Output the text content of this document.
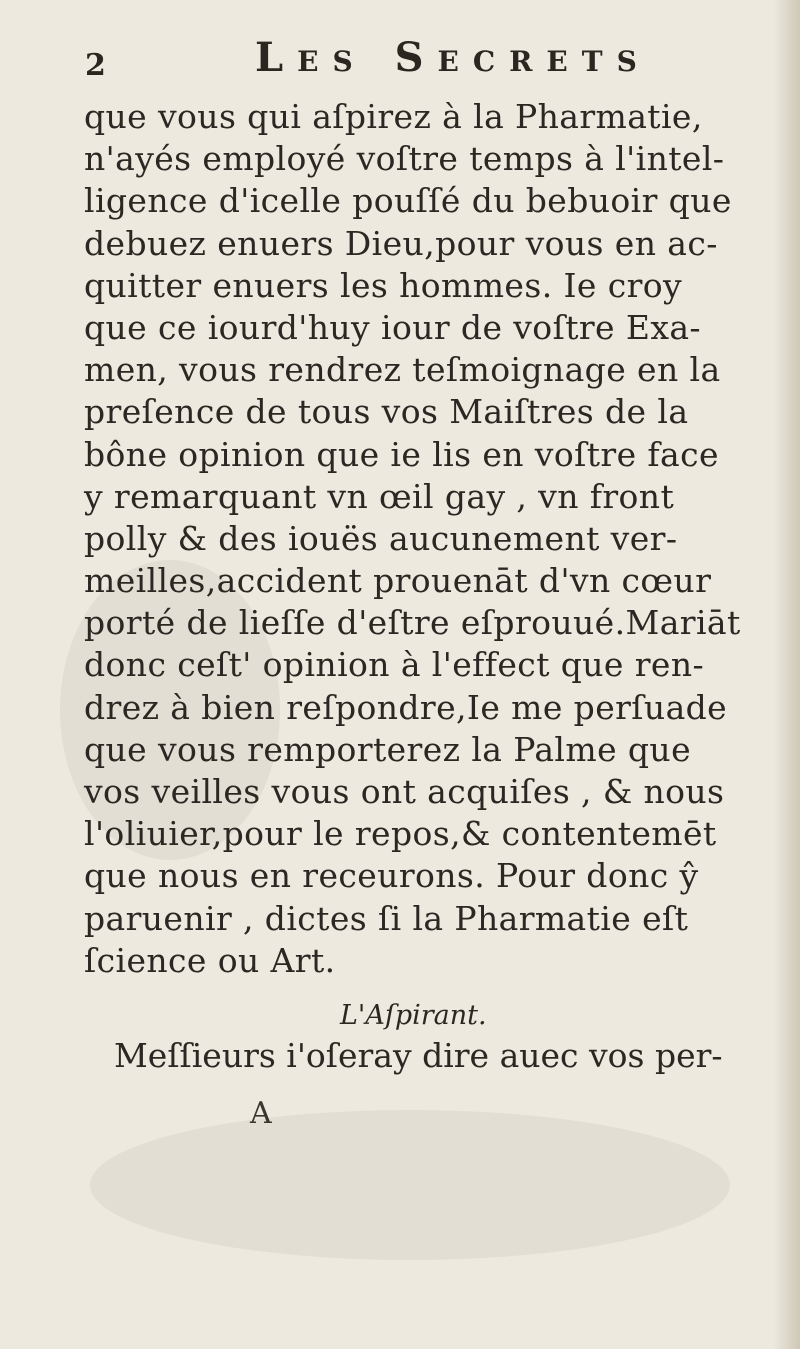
2	Les Secrets
que vous qui aſpirez à la Pharmatie,
n'ayés employé voſtre temps à l'intel-
ligence d'icelle pouſſé du bebuoir que
debuez enuers Dieu,pour vous en ac-
quitter enuers les hommes. Ie croy
que ce iourd'huy iour de voſtre Exa-
men, vous rendrez teſmoignage en la
preſence de tous vos Maiſtres de la
bône opinion que ie lis en voſtre face
y remarquant vn œil gay , vn front
polly & des iouës aucunement ver-
meilles,accident prouenāt d'vn cœur
porté de lieſſe d'eſtre eſprouué.Mariāt
donc ceſt' opinion à l'effect que ren-
drez à bien reſpondre,Ie me perſuade
que vous remporterez la Palme que
vos veilles vous ont acquiſes , & nous
l'oliuier,pour le repos,& contentemēt
que nous en receurons. Pour donc ŷ
paruenir , dictes ſi la Pharmatie eſt
ſcience ou Art.
L'Aſpirant.
Meſſieurs i'oſeray dire auec vos per-
A
